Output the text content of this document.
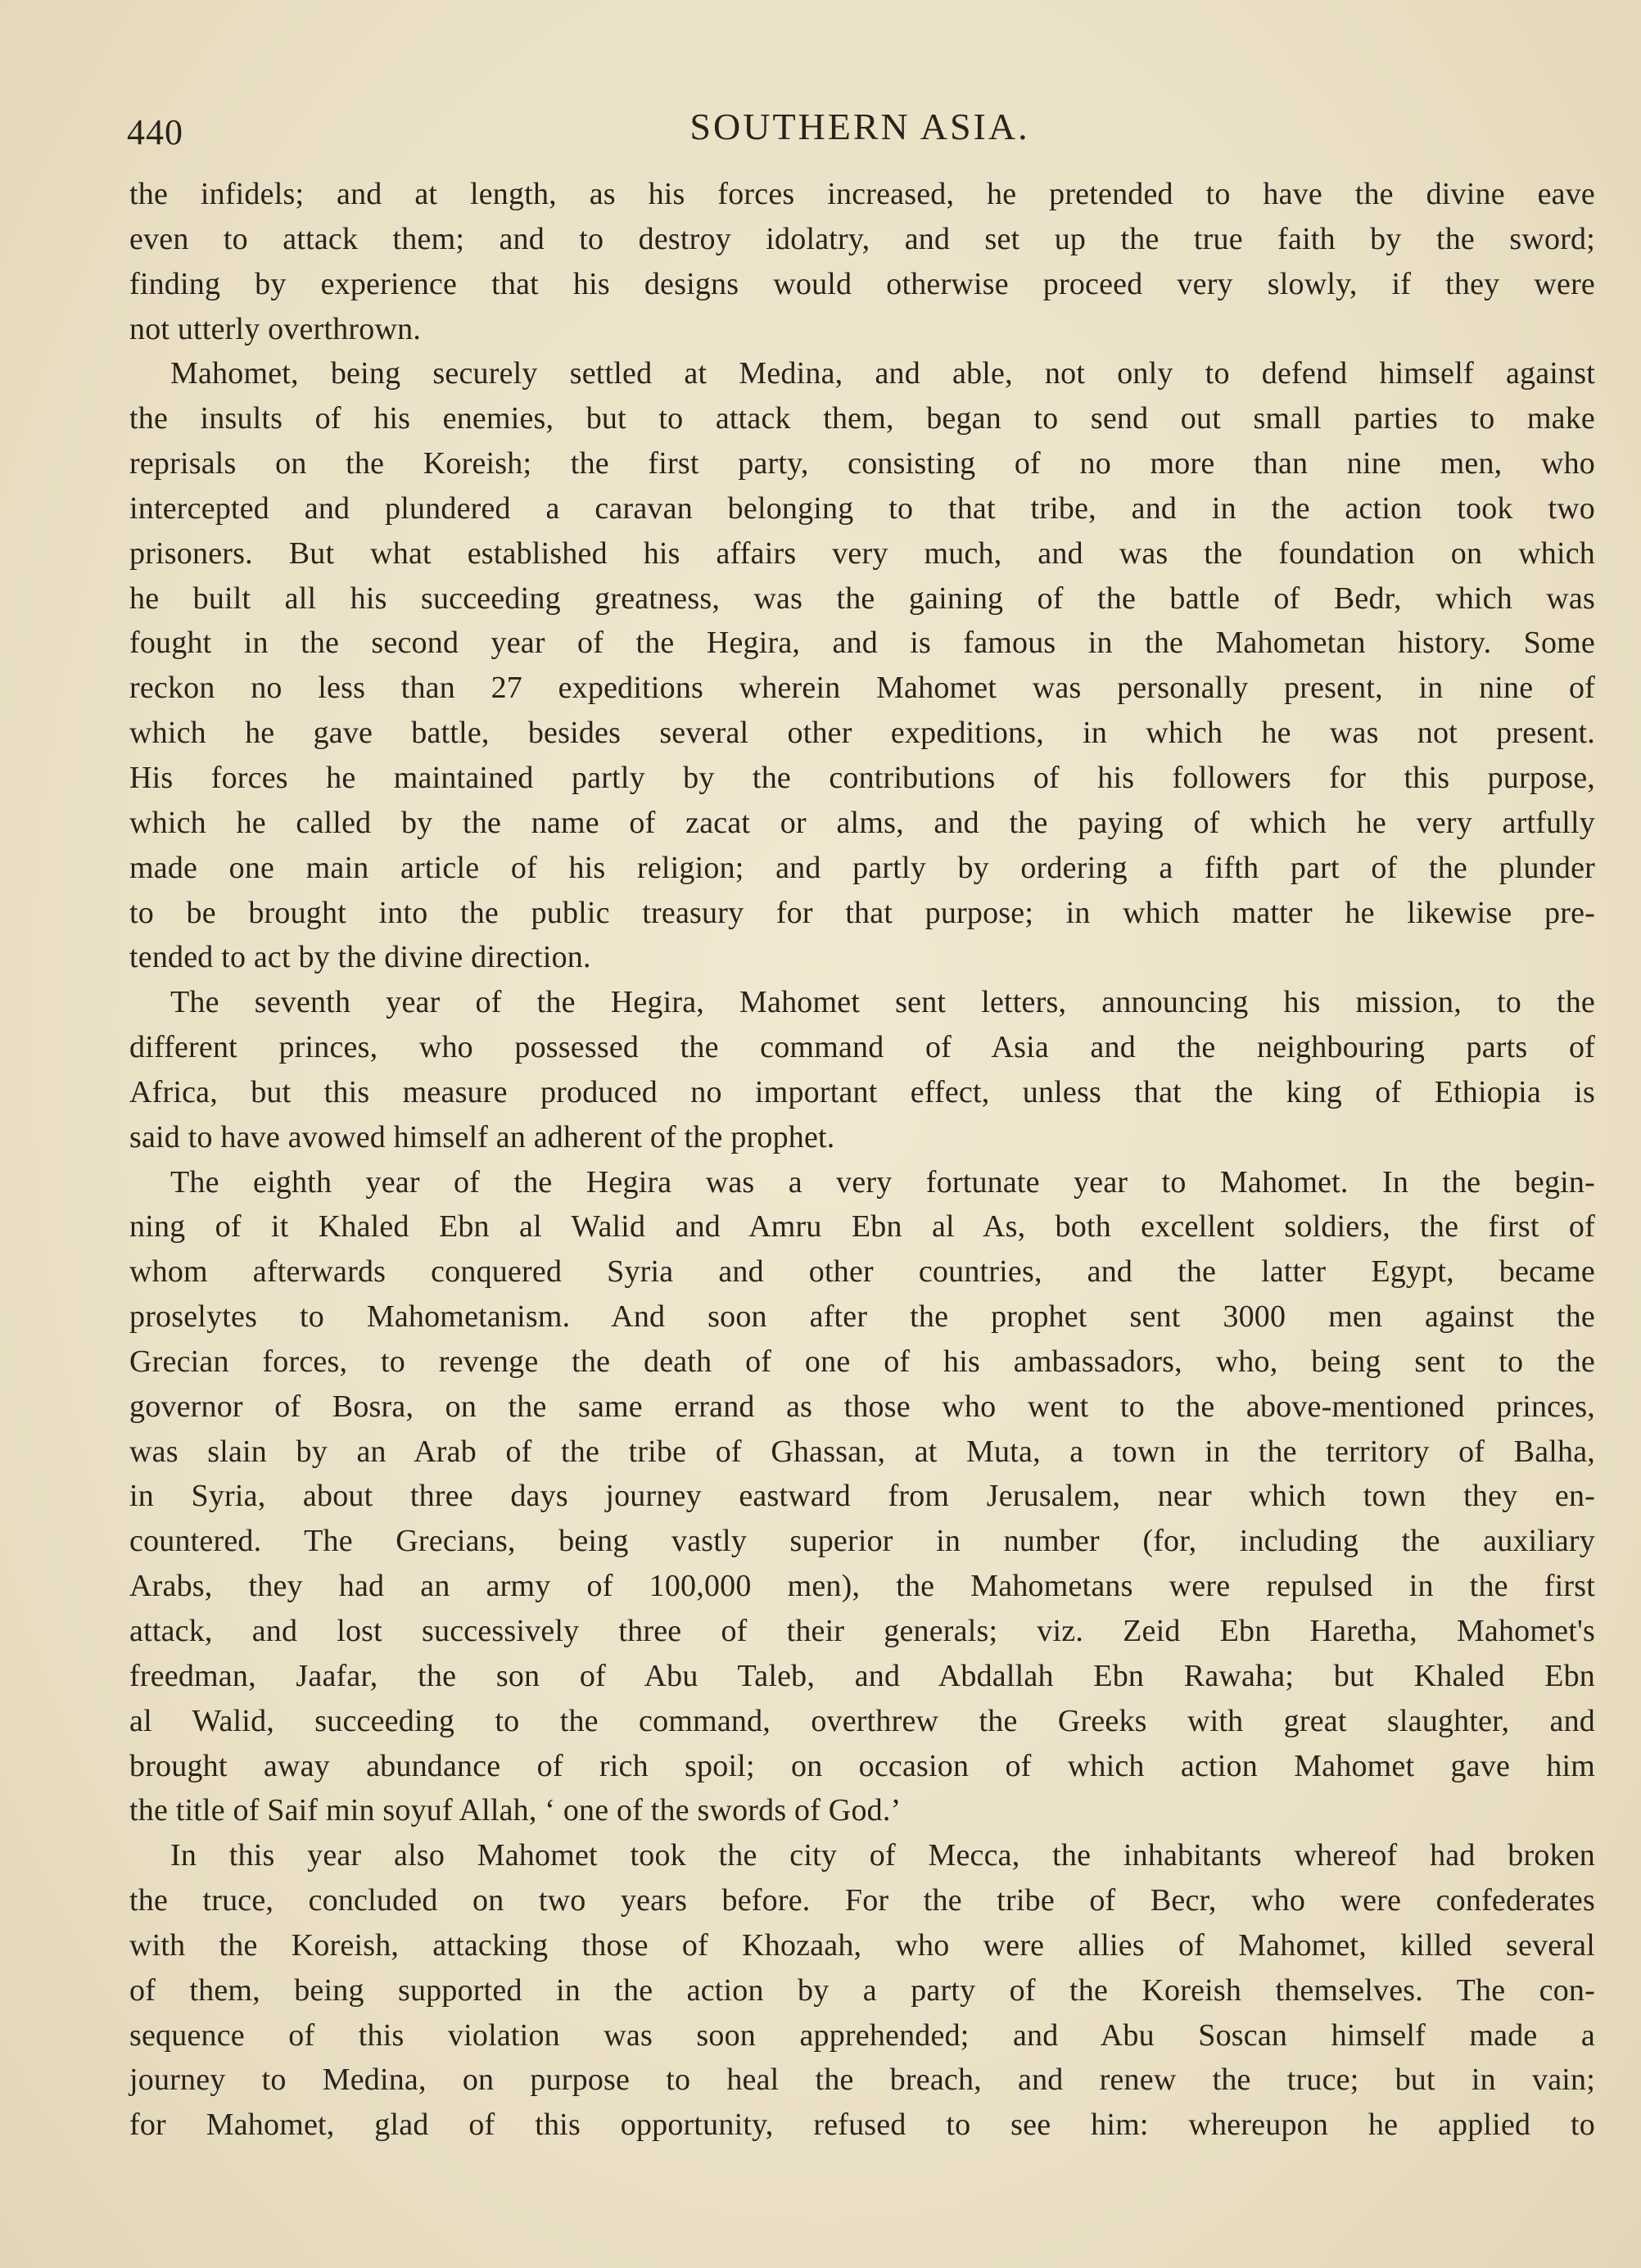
440	SOUTHERN ASIA.
the infidels; and at length, as his forces increased, he pretended to have the divine eave
even to attack them; and to destroy idolatry, and set up the true faith by the sword;
finding by experience that his designs would otherwise proceed very slowly, if they were
not utterly overthrown.
Mahomet, being securely settled at Medina, and able, not only to defend himself against
the insults of his enemies, but to attack them, began to send out small parties to make
reprisals on the Koreish; the first party, consisting of no more than nine men, who
intercepted and plundered a caravan belonging to that tribe, and in the action took two
prisoners. But what established his affairs very much, and was the foundation on which
he built all his succeeding greatness, was the gaining of the battle of Bedr, which was
fought in the second year of the Hegira, and is famous in the Mahometan history. Some
reckon no less than 27 expeditions wherein Mahomet was personally present, in nine of
which he gave battle, besides several other expeditions, in which he was not present.
His forces he maintained partly by the contributions of his followers for this purpose,
which he called by the name of zacat or alms, and the paying of which he very artfully
made one main article of his religion; and partly by ordering a fifth part of the plunder
to be brought into the public treasury for that purpose; in which matter he likewise pre-
tended to act by the divine direction.
The seventh year of the Hegira, Mahomet sent letters, announcing his mission, to the
different princes, who possessed the command of Asia and the neighbouring parts of
Africa, but this measure produced no important effect, unless that the king of Ethiopia is
said to have avowed himself an adherent of the prophet.
The eighth year of the Hegira was a very fortunate year to Mahomet. In the begin-
ning of it Khaled Ebn al Walid and Amru Ebn al As, both excellent soldiers, the first of
whom afterwards conquered Syria and other countries, and the latter Egypt, became
proselytes to Mahometanism. And soon after the prophet sent 3000 men against the
Grecian forces, to revenge the death of one of his ambassadors, who, being sent to the
governor of Bosra, on the same errand as those who went to the above-mentioned princes,
was slain by an Arab of the tribe of Ghassan, at Muta, a town in the territory of Balha,
in Syria, about three days journey eastward from Jerusalem, near which town they en-
countered. The Grecians, being vastly superior in number (for, including the auxiliary
Arabs, they had an army of 100,000 men), the Mahometans were repulsed in the first
attack, and lost successively three of their generals; viz. Zeid Ebn Haretha, Mahomet's
freedman, Jaafar, the son of Abu Taleb, and Abdallah Ebn Rawaha; but Khaled Ebn
al Walid, succeeding to the command, overthrew the Greeks with great slaughter, and
brought away abundance of rich spoil; on occasion of which action Mahomet gave him
the title of Saif min soyuf Allah, ‘ one of the swords of God.’
In this year also Mahomet took the city of Mecca, the inhabitants whereof had broken
the truce, concluded on two years before. For the tribe of Becr, who were confederates
with the Koreish, attacking those of Khozaah, who were allies of Mahomet, killed several
of them, being supported in the action by a party of the Koreish themselves. The con-
sequence of this violation was soon apprehended; and Abu Soscan himself made a
journey to Medina, on purpose to heal the breach, and renew the truce; but in vain;
for Mahomet, glad of this opportunity, refused to see him: whereupon he applied to
